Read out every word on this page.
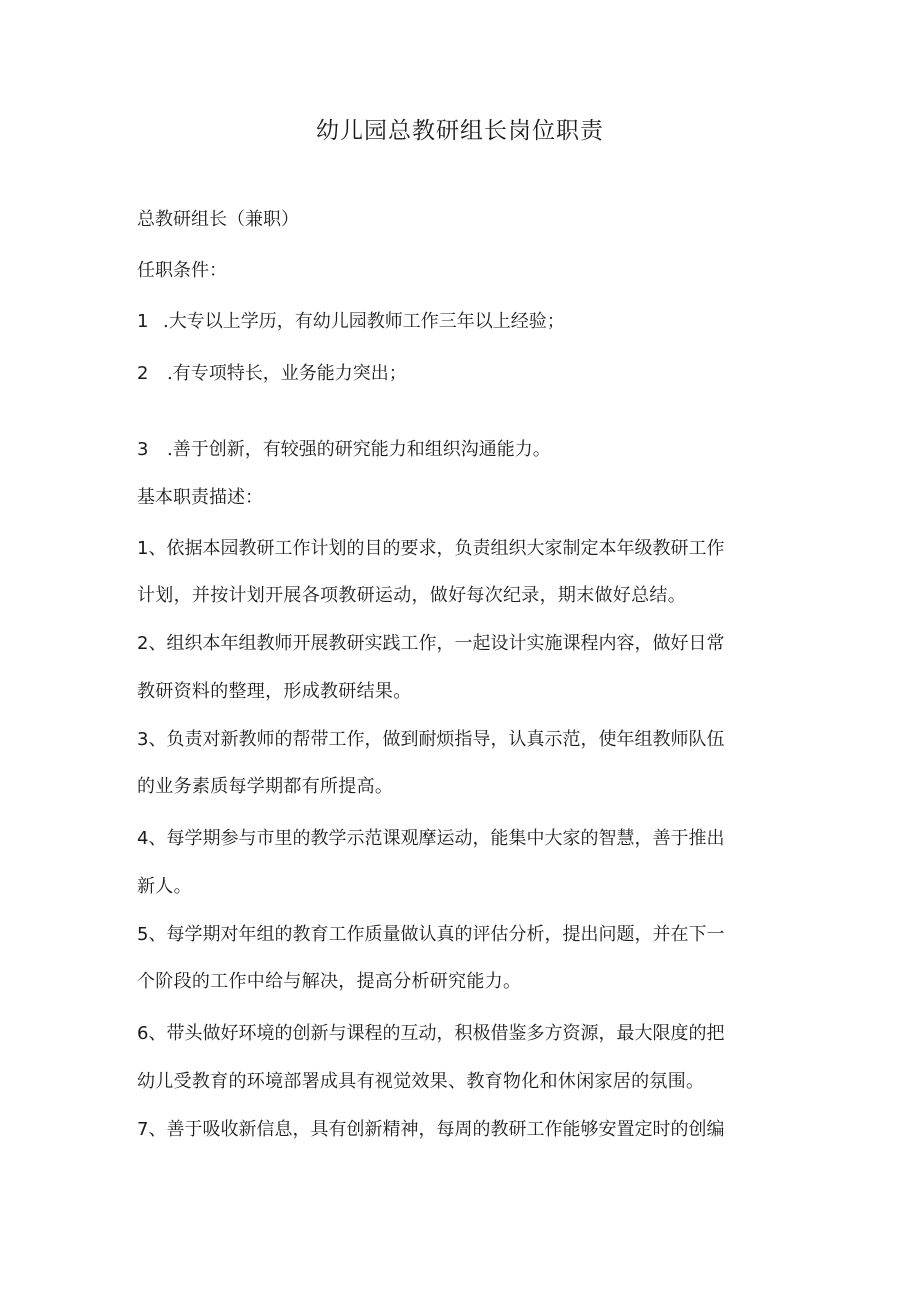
幼儿园总教研组长岗位职责

总教研组长（兼职）

任职条件：

1 .大专以上学历，有幼儿园教师工作三年以上经验；

2 .有专项特长，业务能力突出；

3 .善于创新，有较强的研究能力和组织沟通能力。

基本职责描述：

1、依据本园教研工作计划的目的要求，负责组织大家制定本年级教研工作

计划，并按计划开展各项教研运动，做好每次纪录，期末做好总结。

2、组织本年组教师开展教研实践工作，一起设计实施课程内容，做好日常

教研资料的整理，形成教研结果。

3、负责对新教师的帮带工作，做到耐烦指导，认真示范，使年组教师队伍

的业务素质每学期都有所提高。

4、每学期参与市里的教学示范课观摩运动，能集中大家的智慧，善于推出

新人。

5、每学期对年组的教育工作质量做认真的评估分析，提出问题，并在下一

个阶段的工作中给与解决，提高分析研究能力。

6、带头做好环境的创新与课程的互动，积极借鉴多方资源，最大限度的把

幼儿受教育的环境部署成具有视觉效果、教育物化和休闲家居的氛围。

7、善于吸收新信息，具有创新精神，每周的教研工作能够安置定时的创编
